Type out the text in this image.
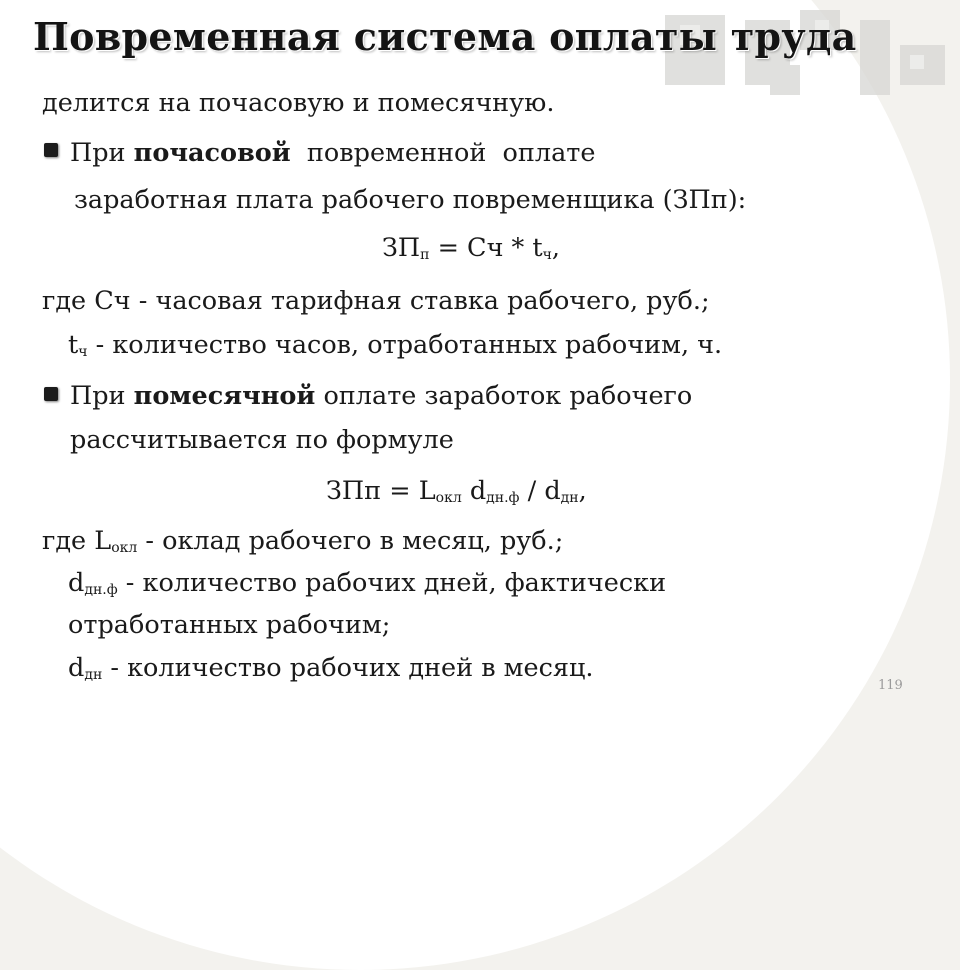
Повременная система оплаты труда

делится на почасовую и помесячную.

При почасовой  повременной  оплате

заработная плата рабочего повременщика (ЗПп):

$ЗП_п$ = Сч * $t_ч$,

где Сч - часовая тарифная ставка рабочего, руб.;

$t_ч$ - количество часов, отработанных рабочим, ч.

При помесячной оплате заработок рабочего

рассчитывается по формуле

ЗПп = $L_{окл}$ $d_{дн.ф} / d_{дн}$,

где $L_{окл}$ - оклад рабочего в месяц, руб.;

$d_{дн.ф}$ - количество рабочих дней, фактически

отработанных рабочим;

$d_{дн}$ - количество рабочих дней в месяц.

119
